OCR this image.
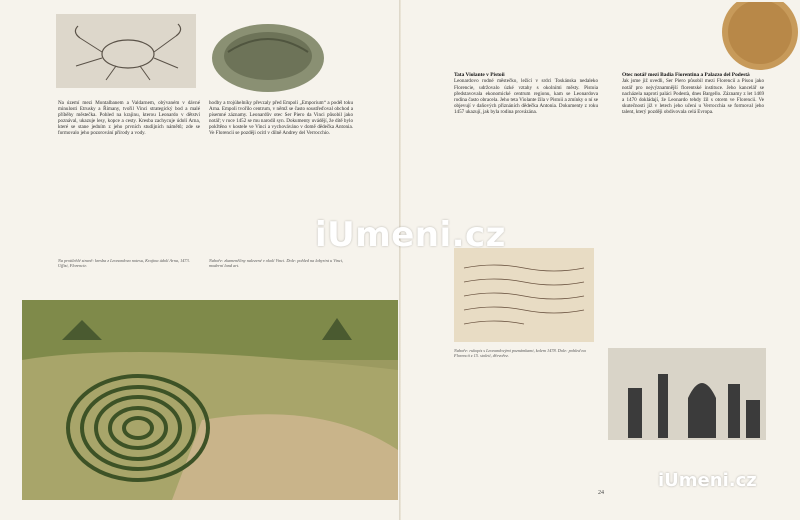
Na území mezi Montalbanem a Valdarnem, obývaném v dávné minulosti Etrusky a Římany, tvořil Vinci strategický bod a malé příběhy městečka. Pohled na krajinu, kterou Leonardo v dětství poznával, ukazuje lesy, kopce a cesty. Kresba zachycuje údolí Arna, které se stane jedním z jeho prvních studijních námětů; zde se formovalo jeho pozorování přírody a vody.

hodby a trojúhelníky převzaly před Empolí „Emporium“ a podél toku Arna. Empoli tvořilo centrum, v němž se často soustřeďoval obchod a písemné záznamy. Leonardův otec Ser Piero da Vinci působil jako notář; v roce 1452 se mu narodil syn. Dokumenty uvádějí, že dítě bylo pokřtěno v kostele ve Vinci a vychováváno v domě dědečka Antonia. Ve Florencii se později ocitl v dílně Andrey del Verrocchio.

Na protilehlé straně: kresba z Leonardova notesu, Krajina údolí Arna, 1473. Uffizi, Florencie.
Nahoře: zkameněliny nalezené v okolí Vinci. Dole: pohled na labyrint u Vinci, moderní land art.
Tata Violante v Pistoii

Leonardovo rodné městečko, ležící v srdci Toskánska nedaleko Florencie, udržovalo úzké vztahy s okolními městy. Pistoia představovala ekonomické centrum regionu, kam se Leonardova rodina často obracela. Jeho teta Violante žila v Pistoii a zmínky o ní se objevují v daňových přiznáních dědečka Antonia. Dokumenty z roku 1457 ukazují, jak byla rodina provázána.

Otec notář mezi Badia Fiorentina a Palazzo del Podestà

Jak jsme již uvedli, Ser Piero působil mezi Florencií a Pisou jako notář pro nejvýznamnější florentské instituce. Jeho kancelář se nacházela naproti paláci Podestà, dnes Bargello. Záznamy z let 1469 a 1470 dokládají, že Leonardo tehdy žil s otcem ve Florencii. Ve skutečnosti již v letech jeho učení u Verrocchia se formoval jeho talent, který později obdivovala celá Evropa.

Nahoře: rukopis s Leonardovými poznámkami, kolem 1478. Dole: pohled na Florencii z 15. století, dřevořez.
24
iUmeni.cz
iUmeni.cz
